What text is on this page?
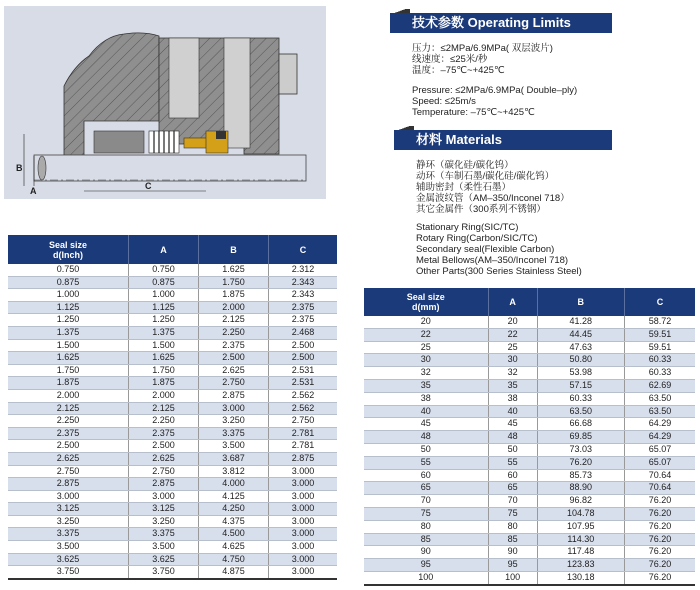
B
A	C
技术参数 Operating Limits
压力：≤2MPa/6.9MPa( 双层波片)
线速度：≤25米/秒
温度：–75℃~+425℃
Pressure: ≤2MPa/6.9MPa( Double–ply)
Speed: ≤25m/s
Temperature: –75℃~+425℃
材料 Materials
静环（碳化硅/碳化钨）
动环（车制石墨/碳化硅/碳化钨）
辅助密封（柔性石墨）
金属波纹管（AM–350/Inconel 718）
其它金属件（300系列不锈钢）
Stationary Ring(SIC/TC)
Rotary Ring(Carbon/SIC/TC)
Secondary seal(Flexible Carbon)
Metal Bellows(AM–350/Inconel 718)
Other Parts(300 Series Stainless Steel)
Seal size
d(Inch)	A	B	C
0.750	0.750	1.625	2.312
0.875	0.875	1.750	2.343
1.000	1.000	1.875	2.343
1.125	1.125	2.000	2.375
1.250	1.250	2.125	2.375
1.375	1.375	2.250	2.468
1.500	1.500	2.375	2.500
1.625	1.625	2.500	2.500
1.750	1.750	2.625	2.531
1.875	1.875	2.750	2.531
2.000	2.000	2.875	2.562
2.125	2.125	3.000	2.562
2.250	2.250	3.250	2.750
2.375	2.375	3.375	2.781
2.500	2.500	3.500	2.781
2.625	2.625	3.687	2.875
2.750	2.750	3.812	3.000
2.875	2.875	4.000	3.000
3.000	3.000	4.125	3.000
3.125	3.125	4.250	3.000
3.250	3.250	4.375	3.000
3.375	3.375	4.500	3.000
3.500	3.500	4.625	3.000
3.625	3.625	4.750	3.000
3.750	3.750	4.875	3.000
Seal size
d(mm)	A	B	C
20	20	41.28	58.72
22	22	44.45	59.51
25	25	47.63	59.51
30	30	50.80	60.33
32	32	53.98	60.33
35	35	57.15	62.69
38	38	60.33	63.50
40	40	63.50	63.50
45	45	66.68	64.29
48	48	69.85	64.29
50	50	73.03	65.07
55	55	76.20	65.07
60	60	85.73	70.64
65	65	88.90	70.64
70	70	96.82	76.20
75	75	104.78	76.20
80	80	107.95	76.20
85	85	114.30	76.20
90	90	117.48	76.20
95	95	123.83	76.20
100	100	130.18	76.20
